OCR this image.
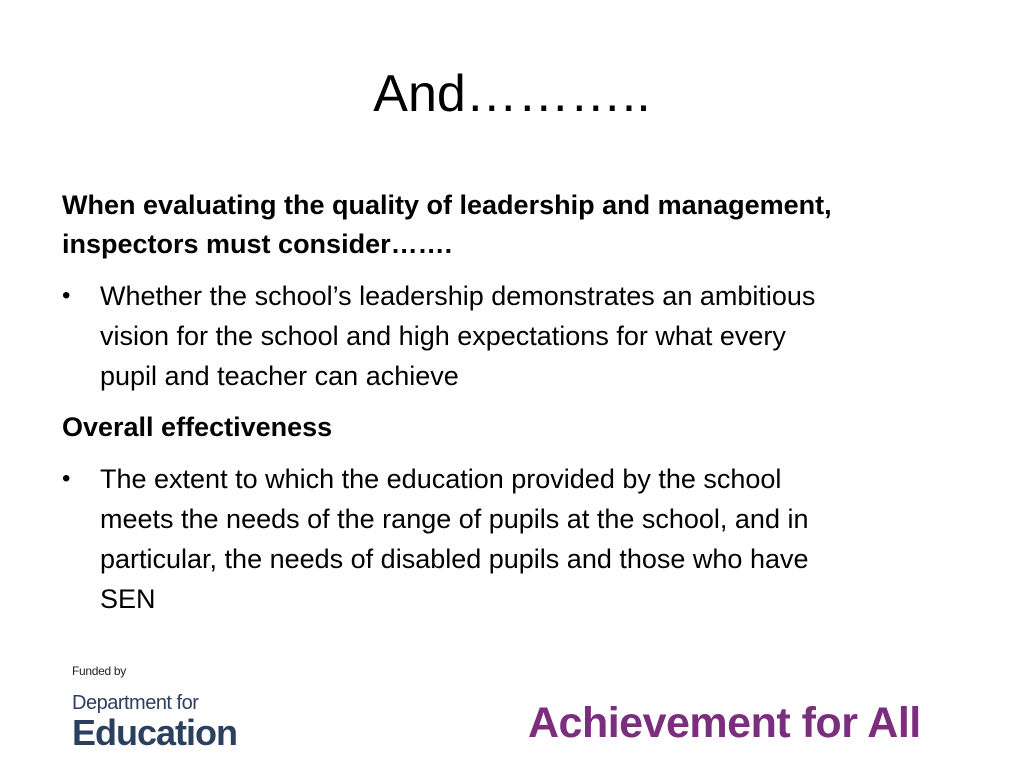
And………..
When evaluating the quality of leadership and management,
inspectors must consider…….
•	Whether the school’s leadership demonstrates an ambitious
vision for the school and high expectations for what every
pupil and teacher can achieve
Overall effectiveness
•	The extent to which the education provided by the school
meets the needs of the range of pupils at the school, and in
particular, the needs of disabled pupils and those who have
SEN
Funded by
Department for
Education	Achievement for All
